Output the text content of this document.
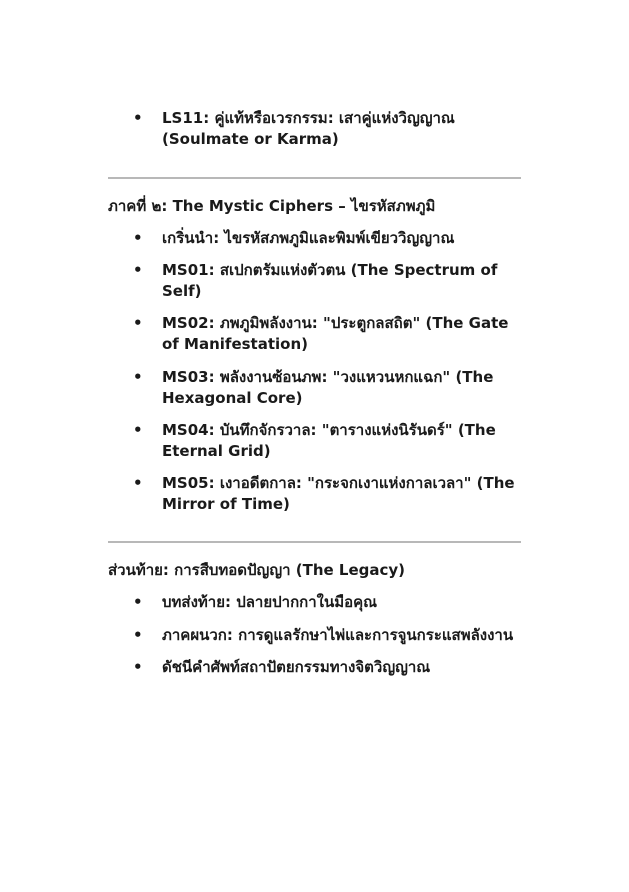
• LS11: คู่แท้หรือเวรกรรม: เสาคู่แห่งวิญญาณ (Soulmate or Karma)
ภาคที่ ๒: The Mystic Ciphers – ไขรหัสภพภูมิ
• เกริ่นนำ: ไขรหัสภพภูมิและพิมพ์เขียววิญญาณ
• MS01: สเปกตรัมแห่งตัวตน (The Spectrum of Self)
• MS02: ภพภูมิพลังงาน: "ประตูกลสถิต" (The Gate of Manifestation)
• MS03: พลังงานซ้อนภพ: "วงแหวนหกแฉก" (The Hexagonal Core)
• MS04: บันทึกจักรวาล: "ตารางแห่งนิรันดร์" (The Eternal Grid)
• MS05: เงาอดีตกาล: "กระจกเงาแห่งกาลเวลา" (The Mirror of Time)
ส่วนท้าย: การสืบทอดปัญญา (The Legacy)
• บทส่งท้าย: ปลายปากกาในมือคุณ
• ภาคผนวก: การดูแลรักษาไพ่และการจูนกระแสพลังงาน
• ดัชนีคำศัพท์สถาปัตยกรรมทางจิตวิญญาณ
